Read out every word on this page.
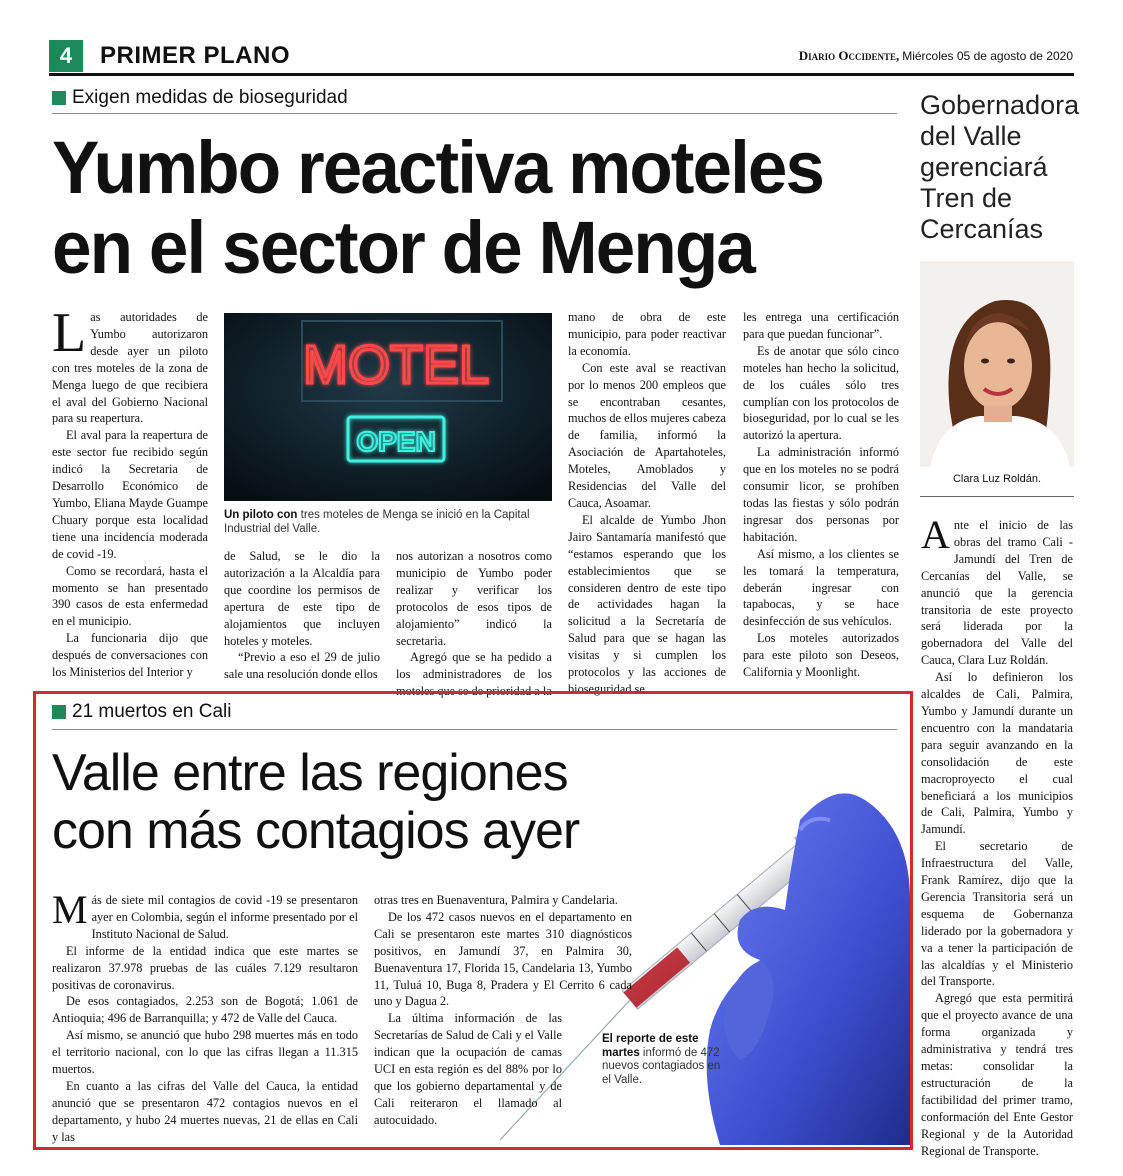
4	PRIMER PLANO	Diario Occidente, Miércoles 05 de agosto de 2020
Exigen medidas de bioseguridad
Yumbo reactiva moteles
en el sector de Menga

Las autoridades de Yumbo autorizaron desde ayer un piloto con tres moteles de la zona de Menga luego de que recibiera el aval del Gobierno Nacional para su reapertura.

El aval para la reapertura de este sector fue recibido según indicó la Secretaria de Desarrollo Económico de Yumbo, Eliana Mayde Guampe Chuary porque esta localidad tiene una incidencia moderada de covid -19.

Como se recordará, hasta el momento se han presentado 390 casos de esta enfermedad en el municipio.

La funcionaria dijo que después de conversaciones con los Ministerios del Interior y

MOTEL
OPEN
Un piloto con tres moteles de Menga se inició en la Capital Industrial del Valle.

de Salud, se le dio la autorización a la Alcaldía para que coordine los permisos de apertura de este tipo de alojamientos que incluyen hoteles y moteles.

“Previo a eso el 29 de julio sale una resolución donde ellos

nos autorizan a nosotros como municipio de Yumbo poder realizar y verificar los protocolos de esos tipos de alojamiento” indicó la secretaria.

Agregó que se ha pedido a los administradores de los moteles que se de prioridad a la

mano de obra de este municipio, para poder reactivar la economía.

Con este aval se reactivan por lo menos 200 empleos que se encontraban cesantes, muchos de ellos mujeres cabeza de familia, informó la Asociación de Apartahoteles, Moteles, Amoblados y Residencias del Valle del Cauca, Asoamar.

El alcalde de Yumbo Jhon Jairo Santamaría manifestó que “estamos esperando que los establecimientos que se consideren dentro de este tipo de actividades hagan la solicitud a la Secretaría de Salud para que se hagan las visitas y si cumplen los protocolos y las acciones de bioseguridad se

les entrega una certificación para que puedan funcionar”.

Es de anotar que sólo cinco moteles han hecho la solicitud, de los cuáles sólo tres cumplían con los protocolos de bioseguridad, por lo cual se les autorizó la apertura.

La administración informó que en los moteles no se podrá consumir licor, se prohíben todas las fiestas y sólo podrán ingresar dos personas por habitación.

Así mismo, a los clientes se les tomará la temperatura, deberán ingresar con tapabocas, y se hace desinfección de sus vehículos.

Los moteles autorizados para este piloto son Deseos, California y Moonlight.

Gobernadora
del Valle
gerenciará
Tren de
Cercanías
Clara Luz Roldán.

Ante el inicio de las obras del tramo Cali -Jamundí del Tren de Cercanías del Valle, se anunció que la gerencia transitoria de este proyecto será liderada por la gobernadora del Valle del Cauca, Clara Luz Roldán.

Así lo definieron los alcaldes de Cali, Palmira, Yumbo y Jamundí durante un encuentro con la mandataria para seguir avanzando en la consolidación de este macroproyecto el cual beneficiará a los municipios de Cali, Palmira, Yumbo y Jamundí.

El secretario de Infraestructura del Valle, Frank Ramírez, dijo que la Gerencia Transitoria será un esquema de Gobernanza liderado por la gobernadora y va a tener la participación de las alcaldías y el Ministerio del Transporte.

Agregó que esta permitirá que el proyecto avance de una forma organizada y administrativa y tendrá tres metas: consolidar la estructuración de la factibilidad del primer tramo, conformación del Ente Gestor Regional y de la Autoridad Regional de Transporte.

21 muertos en Cali
Valle entre las regiones
con más contagios ayer

Más de siete mil contagios de covid -19 se presentaron ayer en Colombia, según el informe presentado por el Instituto Nacional de Salud.

El informe de la entidad indica que este martes se realizaron 37.978 pruebas de las cuáles 7.129 resultaron positivas de coronavirus.

De esos contagiados, 2.253 son de Bogotá; 1.061 de Antioquia; 496 de Barranquilla; y 472 de Valle del Cauca.

Así mismo, se anunció que hubo 298 muertes más en todo el territorio nacional, con lo que las cifras llegan a 11.315 muertos.

En cuanto a las cifras del Valle del Cauca, la entidad anunció que se presentaron 472 contagios nuevos en el departamento, y hubo 24 muertes nuevas, 21 de ellas en Cali y las

otras tres en Buenaventura, Palmira y Candelaria.

De los 472 casos nuevos en el departamento en Cali se presentaron este martes 310 diagnósticos positivos, en Jamundí 37, en Palmira 30, Buenaventura 17, Florida 15, Candelaria 13, Yumbo 11, Tuluá 10, Buga 8, Pradera y El Cerrito 6 cada uno y Dagua 2.

La última información de las Secretarías de Salud de Cali y el Valle indican que la ocupación de camas UCI en esta región es del 88% por lo que los gobierno departamental y de Cali reiteraron el llamado al autocuidado.

El reporte de este martes informó de 472 nuevos contagiados en el Valle.
